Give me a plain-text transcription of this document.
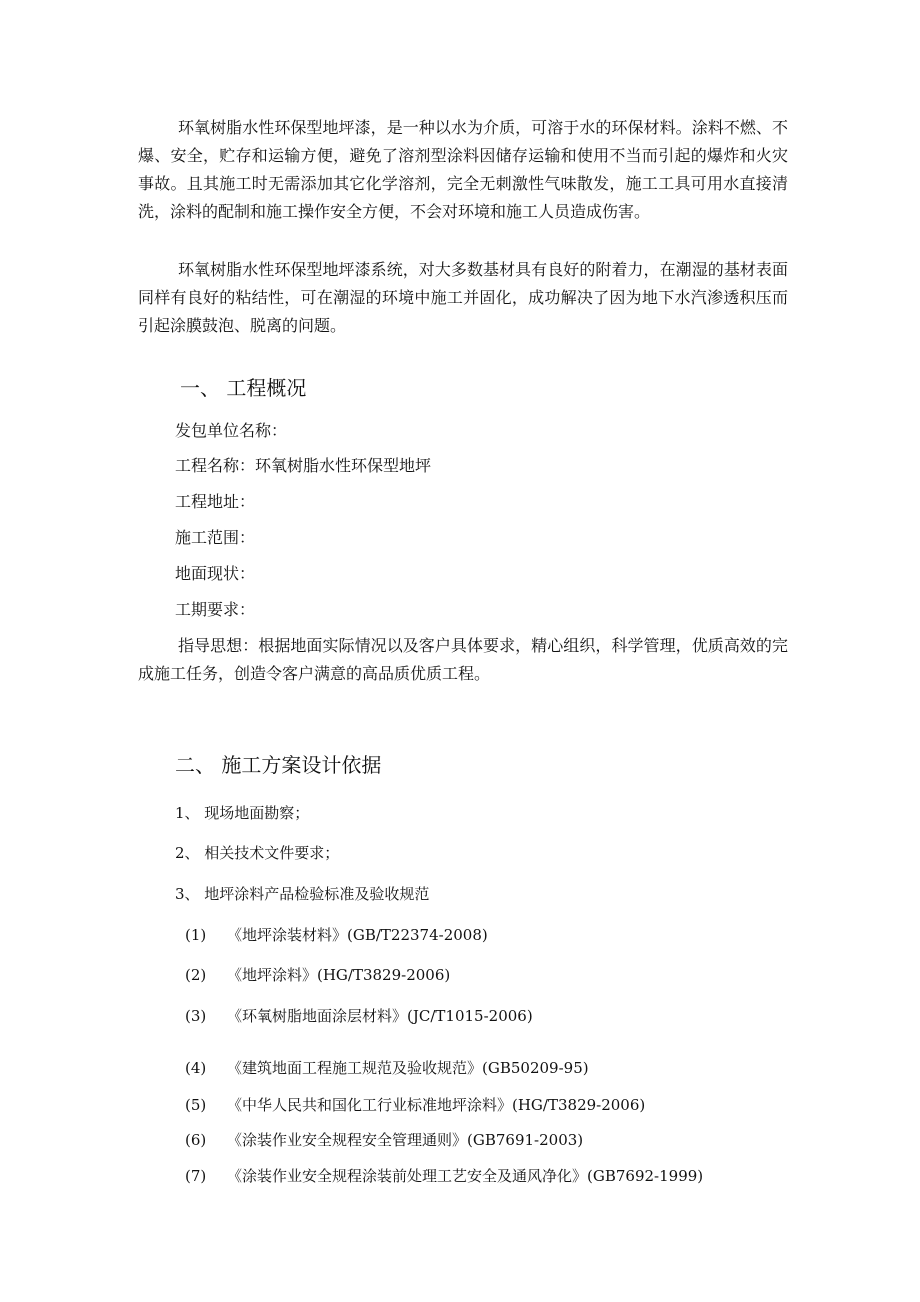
环氧树脂水性环保型地坪漆，是一种以水为介质，可溶于水的环保材料。涂料不燃、不爆、安全，贮存和运输方便，避免了溶剂型涂料因储存运输和使用不当而引起的爆炸和火灾事故。且其施工时无需添加其它化学溶剂，完全无刺激性气味散发，施工工具可用水直接清洗，涂料的配制和施工操作安全方便，不会对环境和施工人员造成伤害。

环氧树脂水性环保型地坪漆系统，对大多数基材具有良好的附着力，在潮湿的基材表面同样有良好的粘结性，可在潮湿的环境中施工并固化，成功解决了因为地下水汽渗透积压而引起涂膜鼓泡、脱离的问题。

一、 工程概况

发包单位名称：

工程名称：环氧树脂水性环保型地坪

工程地址：

施工范围：

地面现状：

工期要求：

指导思想：根据地面实际情况以及客户具体要求，精心组织，科学管理，优质高效的完成施工任务，创造令客户满意的高品质优质工程。

二、 施工方案设计依据

1、 现场地面勘察；

2、 相关技术文件要求；

3、 地坪涂料产品检验标准及验收规范

(1) 《地坪涂装材料》(GB/T22374-2008)

(2) 《地坪涂料》(HG/T3829-2006)

(3) 《环氧树脂地面涂层材料》(JC/T1015-2006)

(4) 《建筑地面工程施工规范及验收规范》(GB50209-95)

(5) 《中华人民共和国化工行业标准地坪涂料》(HG/T3829-2006)

(6) 《涂装作业安全规程安全管理通则》(GB7691-2003)

(7) 《涂装作业安全规程涂装前处理工艺安全及通风净化》(GB7692-1999)
